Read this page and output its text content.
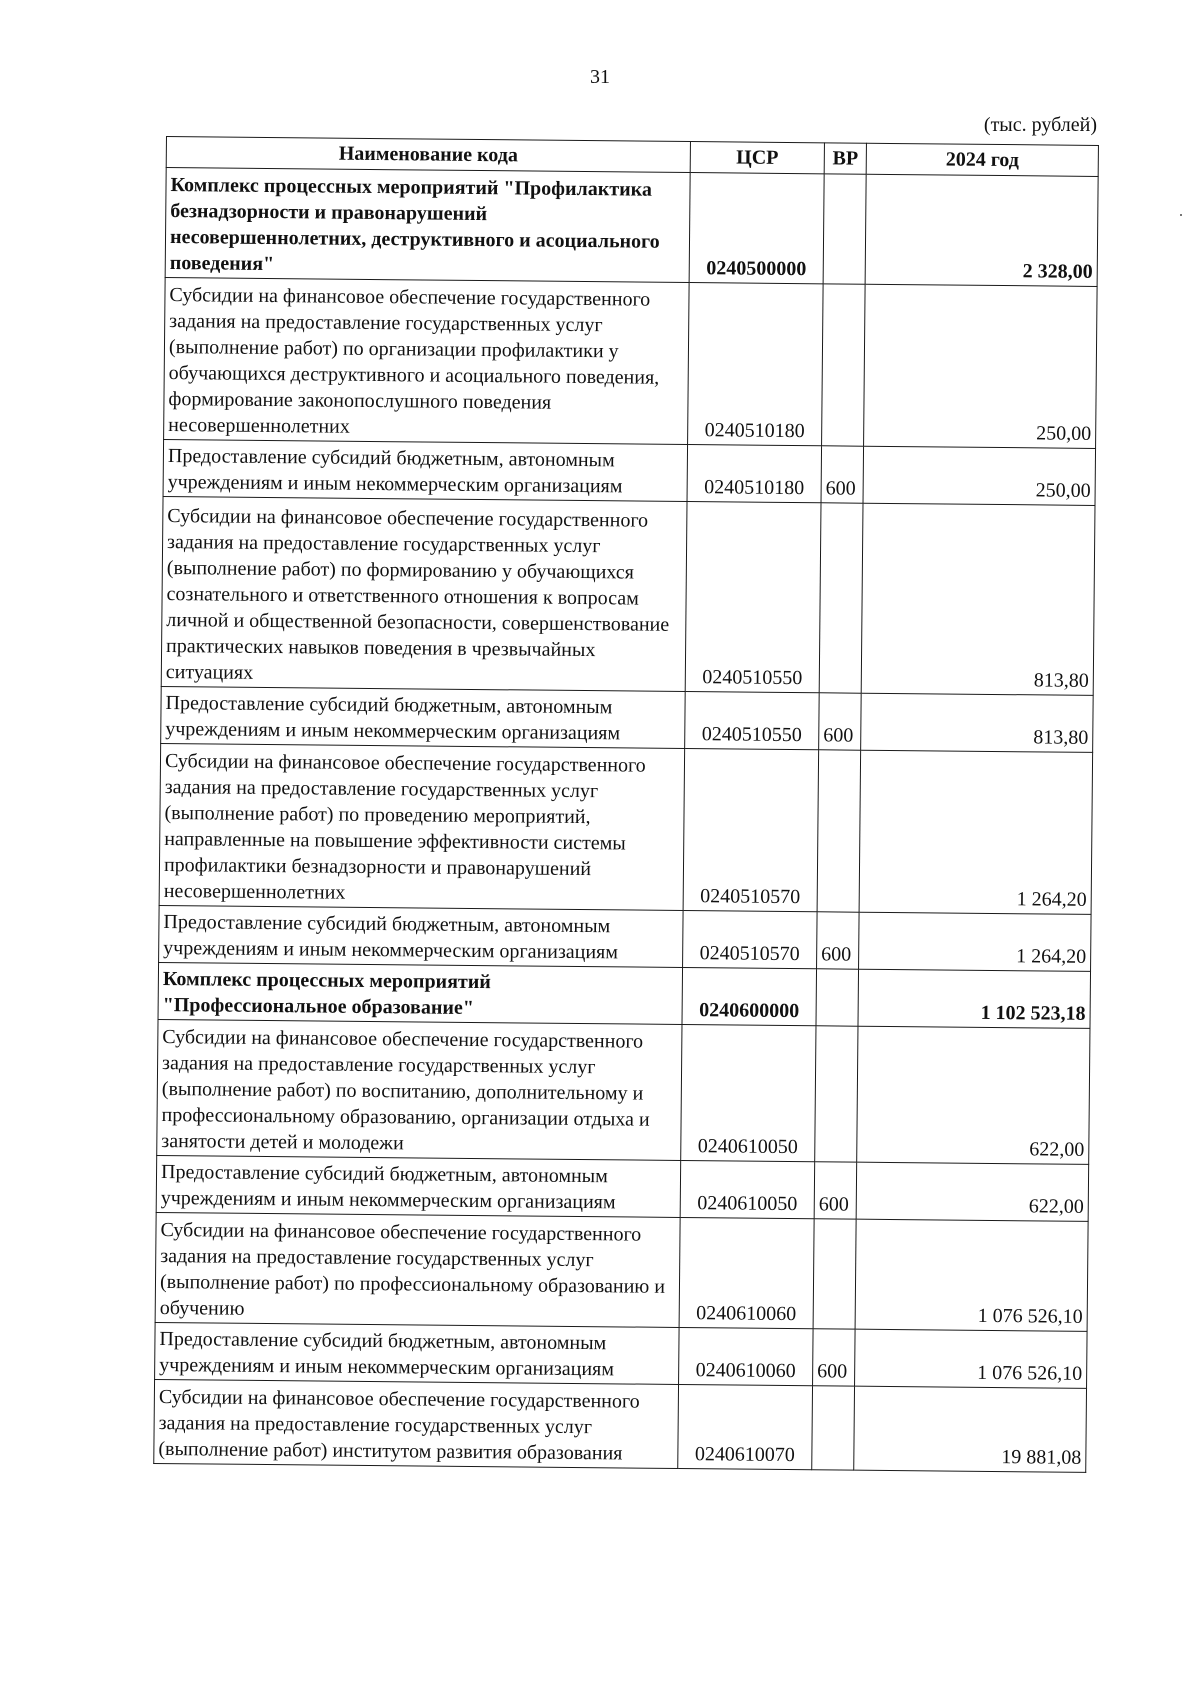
31
(тыс. рублей)
Наименование кода	ЦСР	ВР	2024 год
Комплекс процессных мероприятий "Профилактика безнадзорности и правонарушений несовершеннолетних, деструктивного и асоциального поведения"	0240500000		2 328,00
Субсидии на финансовое обеспечение государственного задания на предоставление государственных услуг (выполнение работ) по организации профилактики у обучающихся деструктивного и асоциального поведения, формирование законопослушного поведения несовершеннолетних	0240510180		250,00
Предоставление субсидий бюджетным, автономным учреждениям и иным некоммерческим организациям	0240510180	600	250,00
Субсидии на финансовое обеспечение государственного задания на предоставление государственных услуг (выполнение работ) по формированию у обучающихся сознательного и ответственного отношения к вопросам личной и общественной безопасности, совершенствование практических навыков поведения в чрезвычайных ситуациях	0240510550		813,80
Предоставление субсидий бюджетным, автономным учреждениям и иным некоммерческим организациям	0240510550	600	813,80
Субсидии на финансовое обеспечение государственного задания на предоставление государственных услуг (выполнение работ) по проведению мероприятий, направленные на повышение эффективности системы профилактики безнадзорности и правонарушений несовершеннолетних	0240510570		1 264,20
Предоставление субсидий бюджетным, автономным учреждениям и иным некоммерческим организациям	0240510570	600	1 264,20
Комплекс процессных мероприятий "Профессиональное образование"	0240600000		1 102 523,18
Субсидии на финансовое обеспечение государственного задания на предоставление государственных услуг (выполнение работ) по воспитанию, дополнительному и профессиональному образованию, организации отдыха и занятости детей и молодежи	0240610050		622,00
Предоставление субсидий бюджетным, автономным учреждениям и иным некоммерческим организациям	0240610050	600	622,00
Субсидии на финансовое обеспечение государственного задания на предоставление государственных услуг (выполнение работ) по профессиональному образованию и обучению	0240610060		1 076 526,10
Предоставление субсидий бюджетным, автономным учреждениям и иным некоммерческим организациям	0240610060	600	1 076 526,10
Субсидии на финансовое обеспечение государственного задания на предоставление государственных услуг (выполнение работ) институтом развития образования	0240610070		19 881,08
